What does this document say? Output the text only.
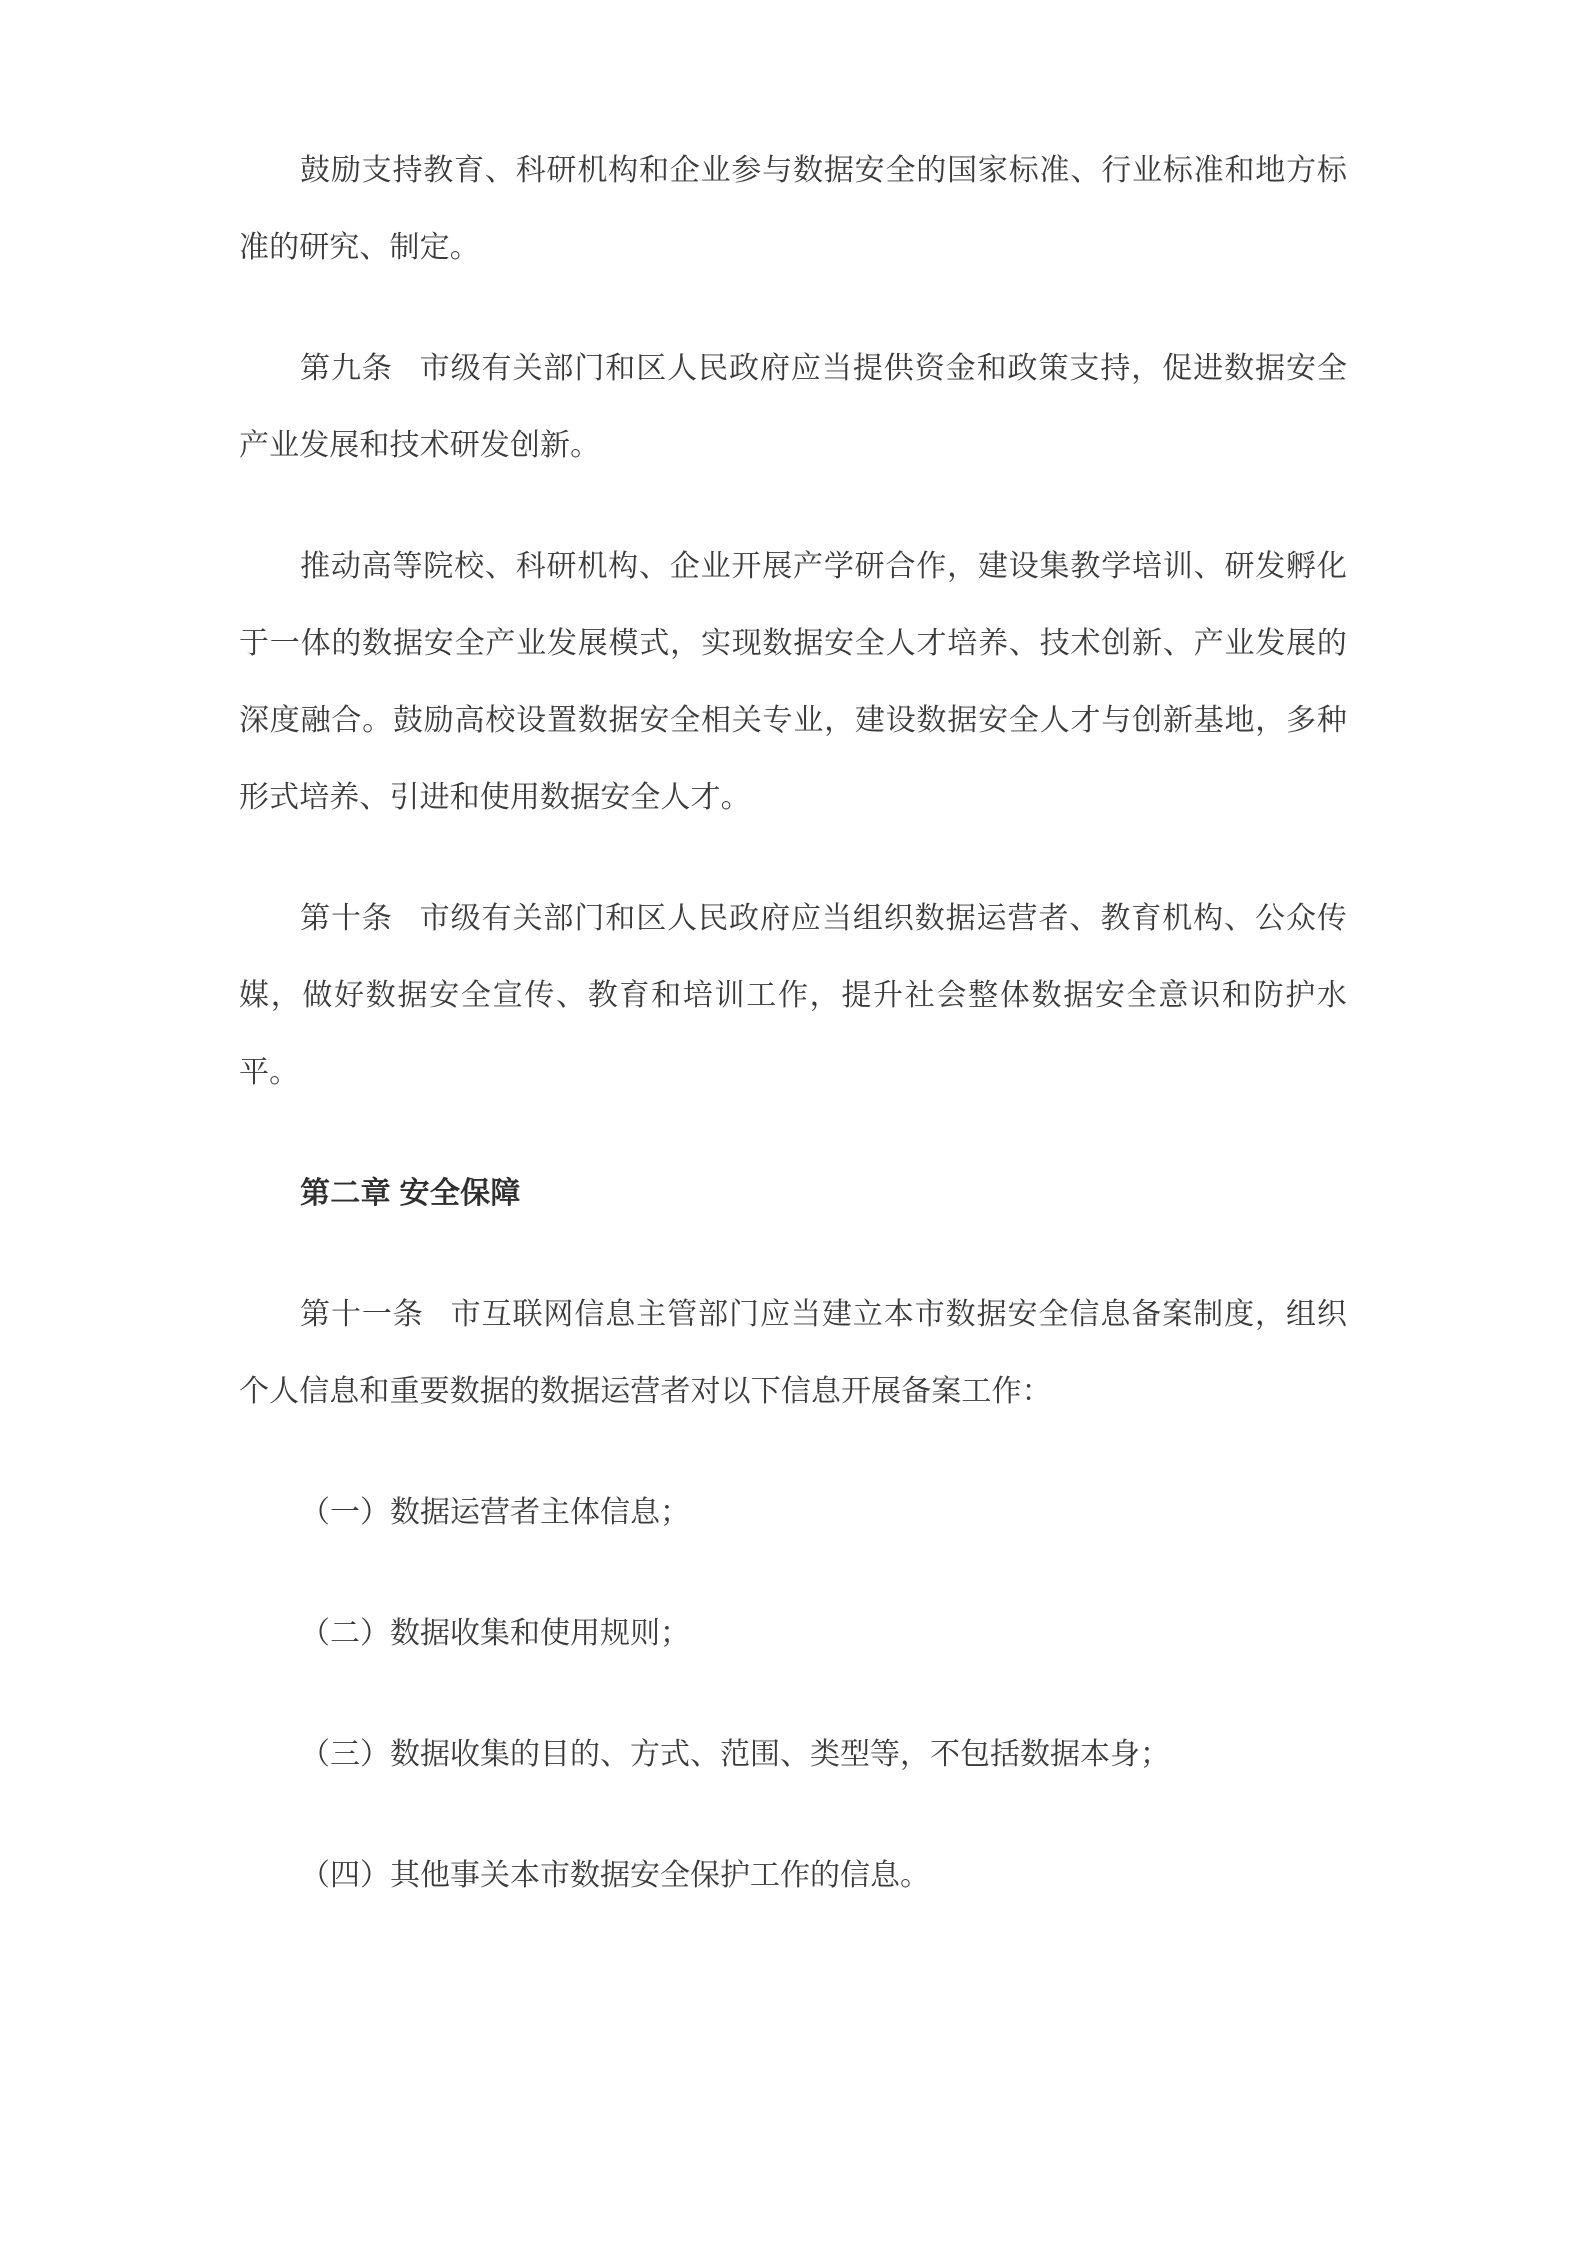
鼓励支持教育、科研机构和企业参与数据安全的国家标准、行业标准和地方标准的研究、制定。

第九条 市级有关部门和区人民政府应当提供资金和政策支持，促进数据安全产业发展和技术研发创新。

推动高等院校、科研机构、企业开展产学研合作，建设集教学培训、研发孵化于一体的数据安全产业发展模式，实现数据安全人才培养、技术创新、产业发展的深度融合。鼓励高校设置数据安全相关专业，建设数据安全人才与创新基地，多种形式培养、引进和使用数据安全人才。

第十条 市级有关部门和区人民政府应当组织数据运营者、教育机构、公众传媒，做好数据安全宣传、教育和培训工作，提升社会整体数据安全意识和防护水平。

第二章 安全保障

第十一条 市互联网信息主管部门应当建立本市数据安全信息备案制度，组织个人信息和重要数据的数据运营者对以下信息开展备案工作：

（一）数据运营者主体信息；

（二）数据收集和使用规则；

（三）数据收集的目的、方式、范围、类型等，不包括数据本身；

（四）其他事关本市数据安全保护工作的信息。
